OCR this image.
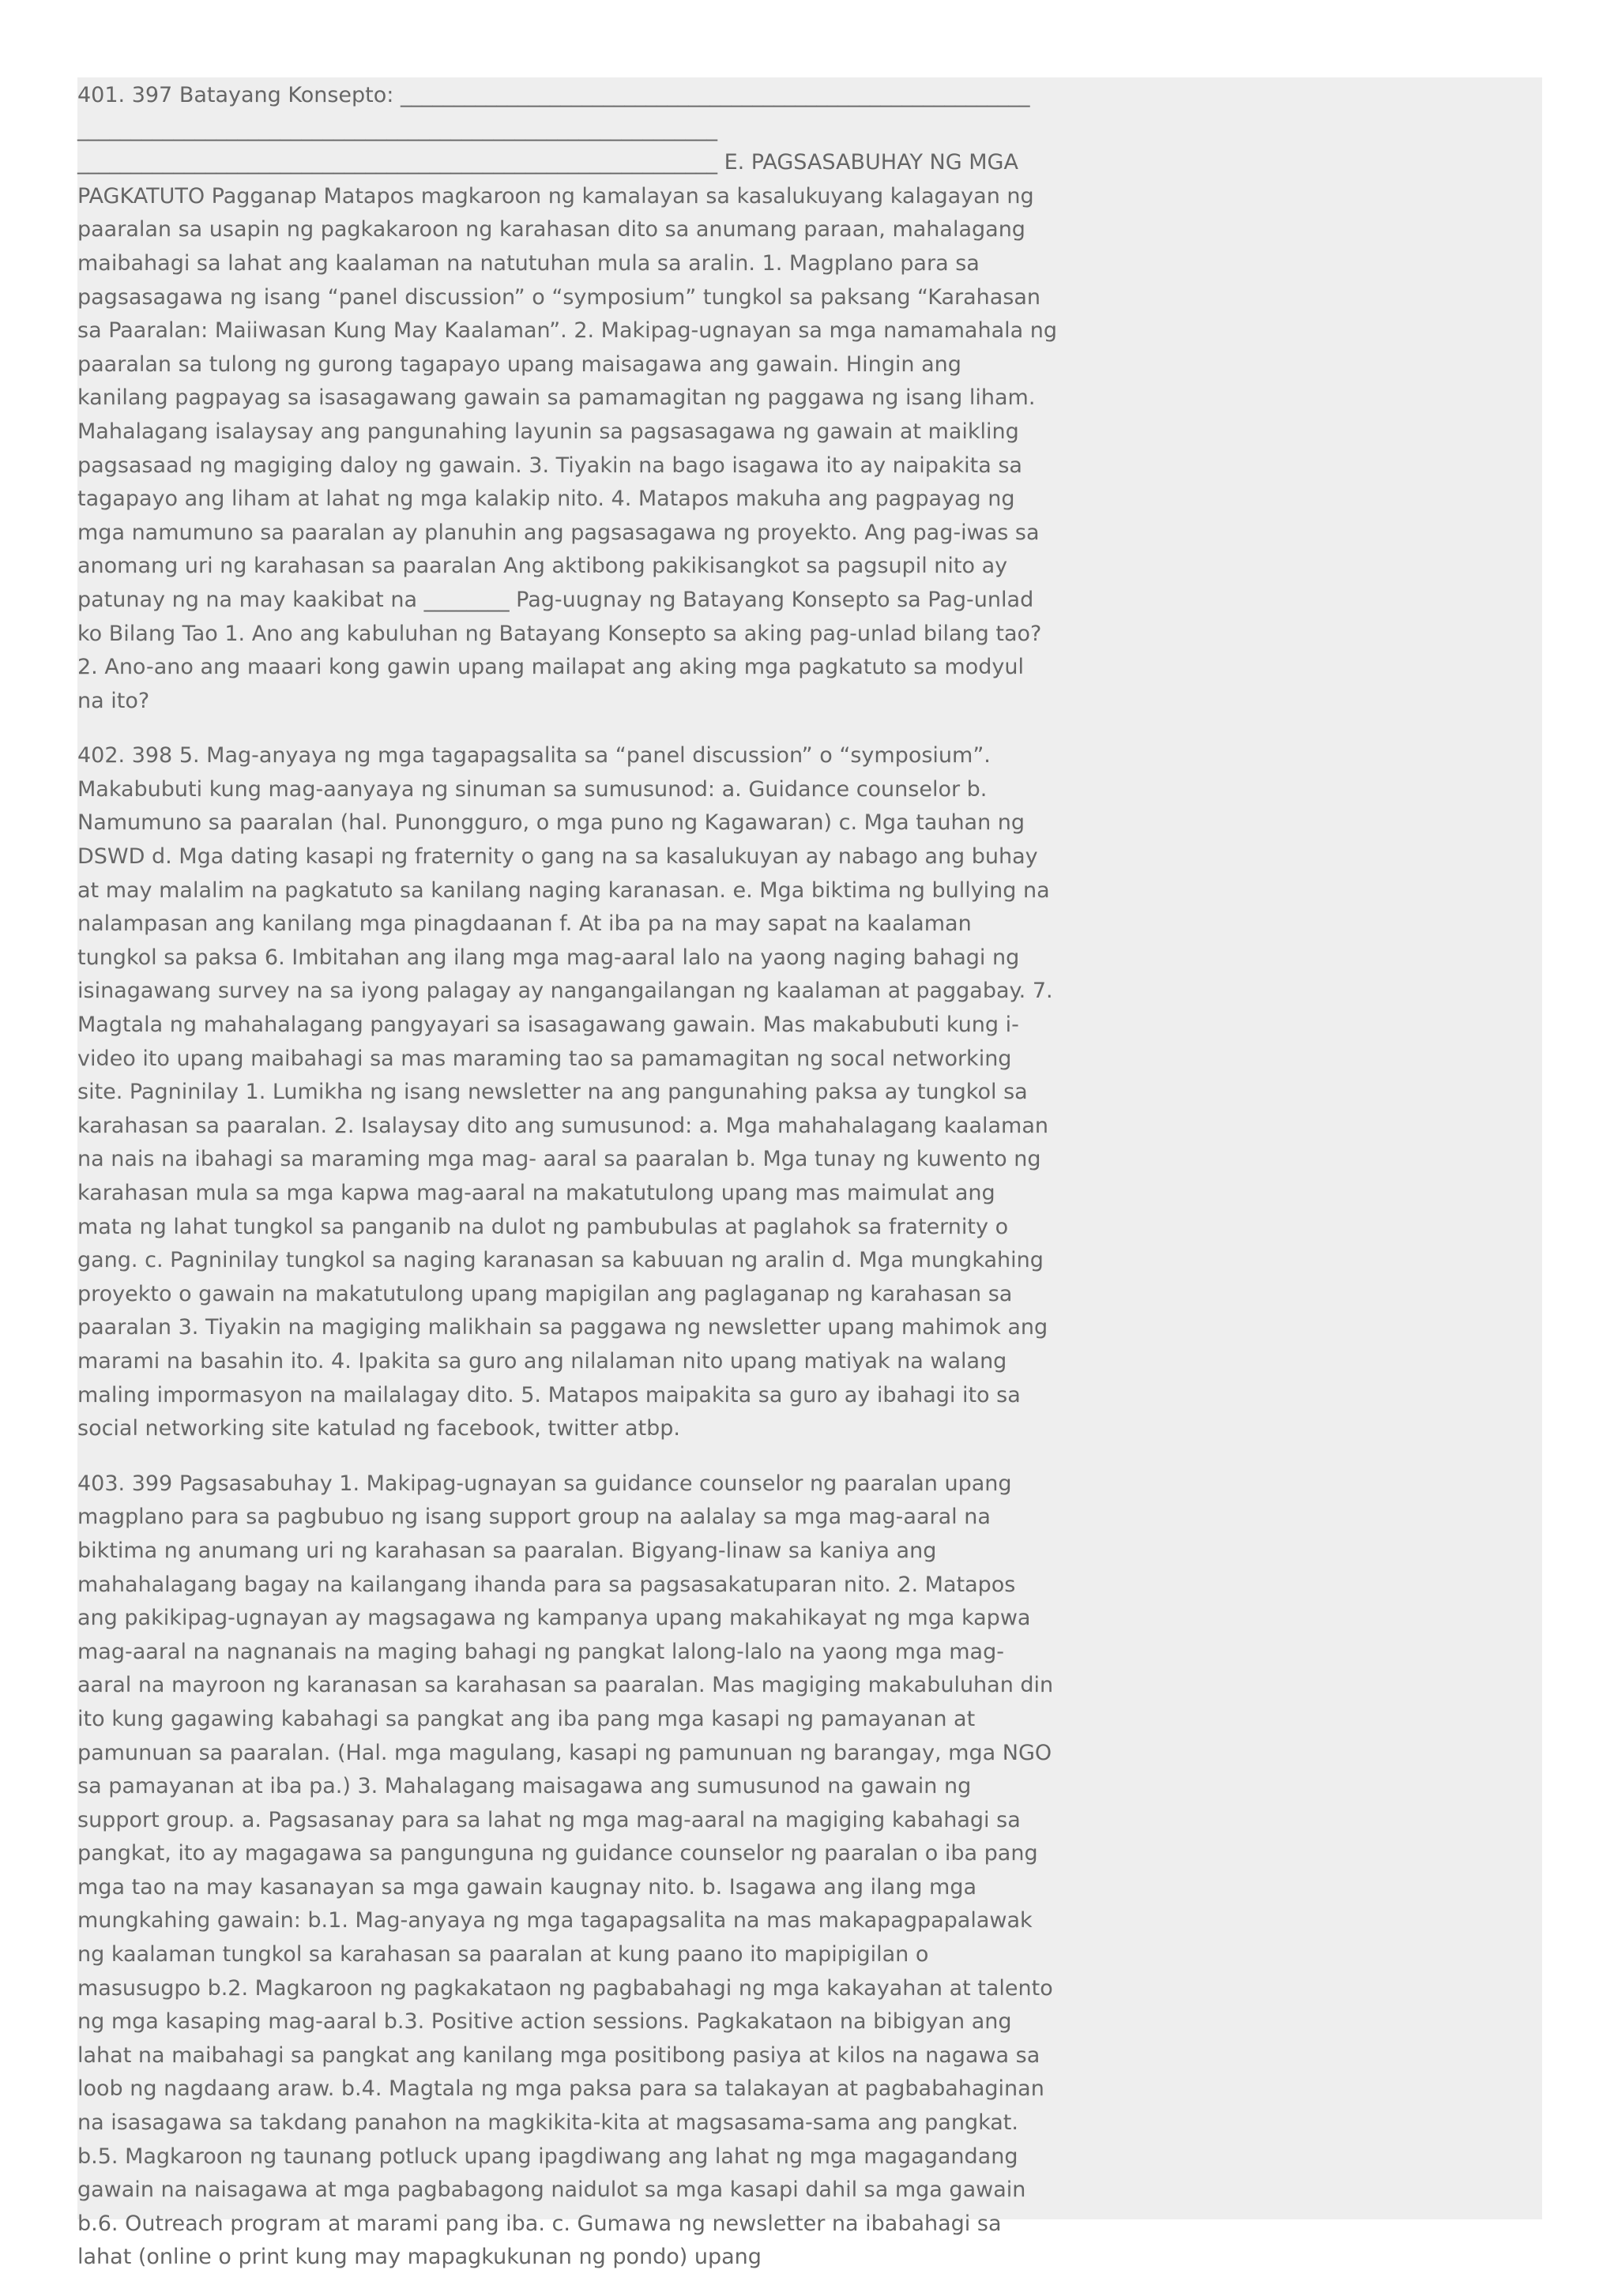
401. 397 Batayang Konsepto: ___________________________________________________________ ____________________________________________________________ ____________________________________________________________ E. PAGSASABUHAY NG MGA PAGKATUTO Pagganap Matapos magkaroon ng kamalayan sa kasalukuyang kalagayan ng paaralan sa usapin ng pagkakaroon ng karahasan dito sa anumang paraan, mahalagang maibahagi sa lahat ang kaalaman na natutuhan mula sa aralin. 1. Magplano para sa pagsasagawa ng isang “panel discussion” o “symposium” tungkol sa paksang “Karahasan sa Paaralan: Maiiwasan Kung May Kaalaman”. 2. Makipag-ugnayan sa mga namamahala ng paaralan sa tulong ng gurong tagapayo upang maisagawa ang gawain. Hingin ang kanilang pagpayag sa isasagawang gawain sa pamamagitan ng paggawa ng isang liham. Mahalagang isalaysay ang pangunahing layunin sa pagsasagawa ng gawain at maikling pagsasaad ng magiging daloy ng gawain. 3. Tiyakin na bago isagawa ito ay naipakita sa tagapayo ang liham at lahat ng mga kalakip nito. 4. Matapos makuha ang pagpayag ng mga namumuno sa paaralan ay planuhin ang pagsasagawa ng proyekto. Ang pag-iwas sa anomang uri ng karahasan sa paaralan Ang aktibong pakikisangkot sa pagsupil nito ay patunay ng na may kaakibat na ________ Pag-uugnay ng Batayang Konsepto sa Pag-unlad ko Bilang Tao 1. Ano ang kabuluhan ng Batayang Konsepto sa aking pag-unlad bilang tao? 2. Ano-ano ang maaari kong gawin upang mailapat ang aking mga pagkatuto sa modyul na ito?

402. 398 5. Mag-anyaya ng mga tagapagsalita sa “panel discussion” o “symposium”. Makabubuti kung mag-aanyaya ng sinuman sa sumusunod: a. Guidance counselor b. Namumuno sa paaralan (hal. Punongguro, o mga puno ng Kagawaran) c. Mga tauhan ng DSWD d. Mga dating kasapi ng fraternity o gang na sa kasalukuyan ay nabago ang buhay at may malalim na pagkatuto sa kanilang naging karanasan. e. Mga biktima ng bullying na nalampasan ang kanilang mga pinagdaanan f. At iba pa na may sapat na kaalaman tungkol sa paksa 6. Imbitahan ang ilang mga mag-aaral lalo na yaong naging bahagi ng isinagawang survey na sa iyong palagay ay nangangailangan ng kaalaman at paggabay. 7. Magtala ng mahahalagang pangyayari sa isasagawang gawain. Mas makabubuti kung i-video ito upang maibahagi sa mas maraming tao sa pamamagitan ng socal networking site. Pagninilay 1. Lumikha ng isang newsletter na ang pangunahing paksa ay tungkol sa karahasan sa paaralan. 2. Isalaysay dito ang sumusunod: a. Mga mahahalagang kaalaman na nais na ibahagi sa maraming mga mag- aaral sa paaralan b. Mga tunay ng kuwento ng karahasan mula sa mga kapwa mag-aaral na makatutulong upang mas maimulat ang mata ng lahat tungkol sa panganib na dulot ng pambubulas at paglahok sa fraternity o gang. c. Pagninilay tungkol sa naging karanasan sa kabuuan ng aralin d. Mga mungkahing proyekto o gawain na makatutulong upang mapigilan ang paglaganap ng karahasan sa paaralan 3. Tiyakin na magiging malikhain sa paggawa ng newsletter upang mahimok ang marami na basahin ito. 4. Ipakita sa guro ang nilalaman nito upang matiyak na walang maling impormasyon na mailalagay dito. 5. Matapos maipakita sa guro ay ibahagi ito sa social networking site katulad ng facebook, twitter atbp.

403. 399 Pagsasabuhay 1. Makipag-ugnayan sa guidance counselor ng paaralan upang magplano para sa pagbubuo ng isang support group na aalalay sa mga mag-aaral na biktima ng anumang uri ng karahasan sa paaralan. Bigyang-linaw sa kaniya ang mahahalagang bagay na kailangang ihanda para sa pagsasakatuparan nito. 2. Matapos ang pakikipag-ugnayan ay magsagawa ng kampanya upang makahikayat ng mga kapwa mag-aaral na nagnanais na maging bahagi ng pangkat lalong-lalo na yaong mga mag-aaral na mayroon ng karanasan sa karahasan sa paaralan. Mas magiging makabuluhan din ito kung gagawing kabahagi sa pangkat ang iba pang mga kasapi ng pamayanan at pamunuan sa paaralan. (Hal. mga magulang, kasapi ng pamunuan ng barangay, mga NGO sa pamayanan at iba pa.) 3. Mahalagang maisagawa ang sumusunod na gawain ng support group. a. Pagsasanay para sa lahat ng mga mag-aaral na magiging kabahagi sa pangkat, ito ay magagawa sa pangunguna ng guidance counselor ng paaralan o iba pang mga tao na may kasanayan sa mga gawain kaugnay nito. b. Isagawa ang ilang mga mungkahing gawain: b.1. Mag-anyaya ng mga tagapagsalita na mas makapagpapalawak ng kaalaman tungkol sa karahasan sa paaralan at kung paano ito mapipigilan o masusugpo b.2. Magkaroon ng pagkakataon ng pagbabahagi ng mga kakayahan at talento ng mga kasaping mag-aaral b.3. Positive action sessions. Pagkakataon na bibigyan ang lahat na maibahagi sa pangkat ang kanilang mga positibong pasiya at kilos na nagawa sa loob ng nagdaang araw. b.4. Magtala ng mga paksa para sa talakayan at pagbabahaginan na isasagawa sa takdang panahon na magkikita-kita at magsasama-sama ang pangkat. b.5. Magkaroon ng taunang potluck upang ipagdiwang ang lahat ng mga magagandang gawain na naisagawa at mga pagbabagong naidulot sa mga kasapi dahil sa mga gawain b.6. Outreach program at marami pang iba. c. Gumawa ng newsletter na ibabahagi sa lahat (online o print kung may mapagkukunan ng pondo) upang
